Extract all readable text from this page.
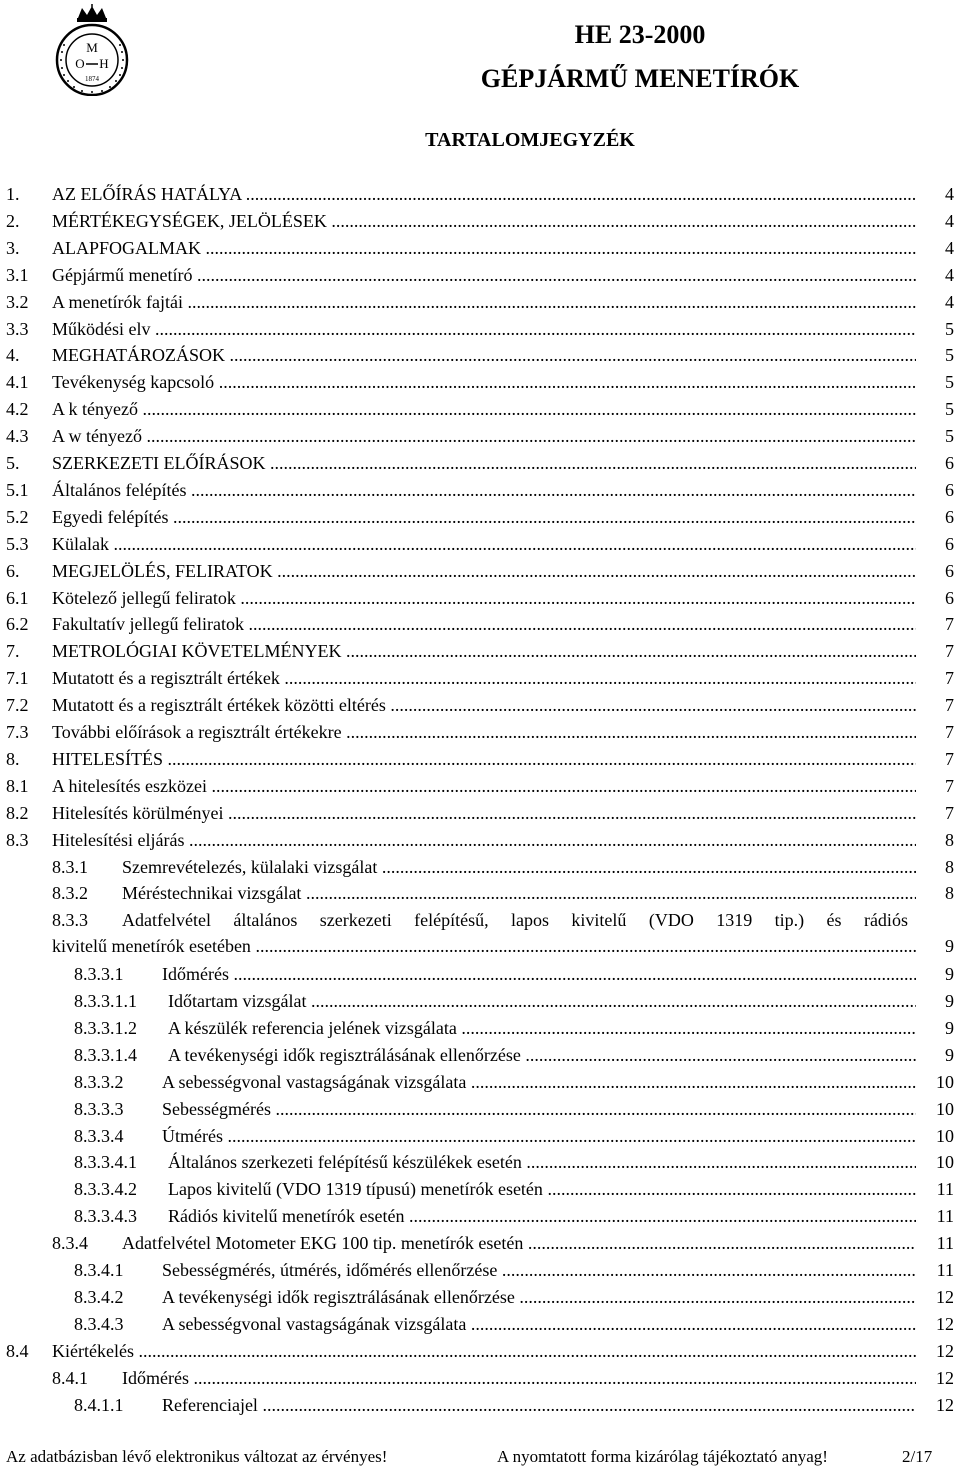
M
O H
1874
HE 23-2000
GÉPJÁRMŰ MENETÍRÓK
TARTALOMJEGYZÉK
1. AZ ELŐÍRÁS HATÁLYA .....	4
2. MÉRTÉKEGYSÉGEK, JELÖLÉSEK .....	4
3. ALAPFOGALMAK .....	4
3.1 Gépjármű menetíró .....	4
3.2 A menetírók fajtái .....	4
3.3 Működési elv .....	5
4. MEGHATÁROZÁSOK .....	5
4.1 Tevékenység kapcsoló .....	5
4.2 A k tényező .....	5
4.3 A w tényező .....	5
5. SZERKEZETI ELŐÍRÁSOK .....	6
5.1 Általános felépítés .....	6
5.2 Egyedi felépítés .....	6
5.3 Külalak .....	6
6. MEGJELÖLÉS, FELIRATOK .....	6
6.1 Kötelező jellegű feliratok .....	6
6.2 Fakultatív jellegű feliratok .....	7
7. METROLÓGIAI KÖVETELMÉNYEK .....	7
7.1 Mutatott és a regisztrált értékek .....	7
7.2 Mutatott és a regisztrált értékek közötti eltérés .....	7
7.3 További előírások a regisztrált értékekre .....	7
8. HITELESÍTÉS .....	7
8.1 A hitelesítés eszközei .....	7
8.2 Hitelesítés körülményei .....	7
8.3 Hitelesítési eljárás .....	8
8.3.1 Szemrevételezés, külalaki vizsgálat .....	8
8.3.2 Méréstechnikai vizsgálat .....	8
8.3.3	Adatfelvétel általános szerkezeti felépítésű, lapos kivitelű (VDO 1319 tip.) és rádiós
kivitelű menetírók esetében .....	9
8.3.3.1 Időmérés .....	9
8.3.3.1.1 Időtartam vizsgálat .....	9
8.3.3.1.2 A készülék referencia jelének vizsgálata .....	9
8.3.3.1.4 A tevékenységi idők regisztrálásának ellenőrzése .....	9
8.3.3.2 A sebességvonal vastagságának vizsgálata .....	10
8.3.3.3 Sebességmérés .....	10
8.3.3.4 Útmérés .....	10
8.3.3.4.1 Általános szerkezeti felépítésű készülékek esetén .....	10
8.3.3.4.2 Lapos kivitelű (VDO 1319 típusú) menetírók esetén .....	11
8.3.3.4.3 Rádiós kivitelű menetírók esetén .....	11
8.3.4 Adatfelvétel Motometer EKG 100 tip. menetírók esetén .....	11
8.3.4.1 Sebességmérés, útmérés, időmérés ellenőrzése .....	11
8.3.4.2 A tevékenységi idők regisztrálásának ellenőrzése .....	12
8.3.4.3 A sebességvonal vastagságának vizsgálata .....	12
8.4 Kiértékelés .....	12
8.4.1 Időmérés .....	12
8.4.1.1 Referenciajel .....	12
Az adatbázisban lévő elektronikus változat az érvényes!	A nyomtatott forma kizárólag tájékoztató anyag!	2/17
